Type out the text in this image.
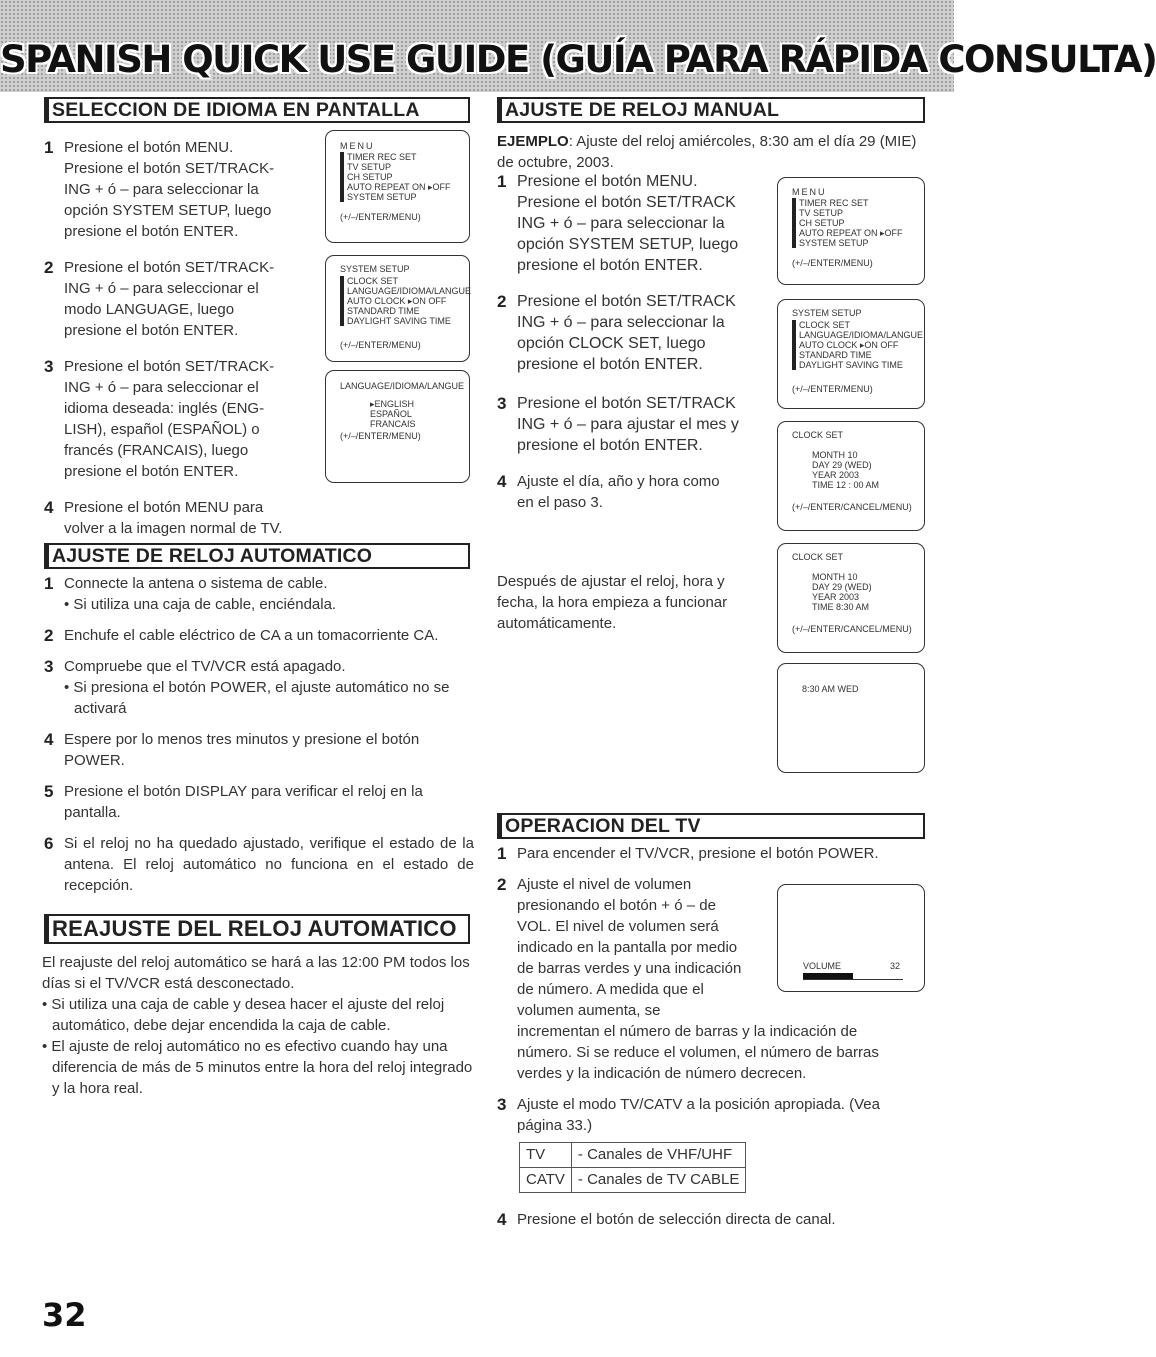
SPANISH QUICK USE GUIDE (GUÍA PARA RÁPIDA CONSULTA)
SELECCION DE IDIOMA EN PANTALLA
1 Presione el botón MENU.
Presione el botón SET/TRACK-
ING + ó – para seleccionar la
opción SYSTEM SETUP, luego
presione el botón ENTER.
2 Presione el botón SET/TRACK-
ING + ó – para seleccionar el
modo LANGUAGE, luego
presione el botón ENTER.
3 Presione el botón SET/TRACK-
ING + ó – para seleccionar el
idioma deseada: inglés (ENG-
LISH), español (ESPAÑOL) o
francés (FRANCAIS), luego
presione el botón ENTER.
4 Presione el botón MENU para
volver a la imagen normal de TV.
AJUSTE DE RELOJ AUTOMATICO
1 Connecte la antena o sistema de cable.
• Si utiliza una caja de cable, enciéndala.
2 Enchufe el cable eléctrico de CA a un tomacorriente CA.
3 Compruebe que el TV/VCR está apagado.
• Si presiona el botón POWER, el ajuste automático no se activará
4 Espere por lo menos tres minutos y presione el botón POWER.
5 Presione el botón DISPLAY para verificar el reloj en la pantalla.
6 Si el reloj no ha quedado ajustado, verifique el estado de la antena. El reloj automático no funciona en el estado de recepción.
REAJUSTE DEL RELOJ AUTOMATICO
El reajuste del reloj automático se hará a las 12:00 PM todos los días si el TV/VCR está desconectado.
• Si utiliza una caja de cable y desea hacer el ajuste del reloj automático, debe dejar encendida la caja de cable.
• El ajuste de reloj automático no es efectivo cuando hay una diferencia de más de 5 minutos entre la hora del reloj integrado y la hora real.
MENU
TIMER REC SET
TV SETUP
CH SETUP
AUTO REPEAT ON ▸OFF
SYSTEM SETUP
(+/–/ENTER/MENU)
SYSTEM SETUP
CLOCK SET
LANGUAGE/IDIOMA/LANGUE
AUTO CLOCK ▸ON OFF
STANDARD TIME
DAYLIGHT SAVING TIME
(+/–/ENTER/MENU)
LANGUAGE/IDIOMA/LANGUE
▸ENGLISH
ESPAÑOL
FRANCAIS
(+/–/ENTER/MENU)
AJUSTE DE RELOJ MANUAL
EJEMPLO: Ajuste del reloj amiércoles, 8:30 am el día 29 (MIE) de octubre, 2003.
1 Presione el botón MENU.
Presione el botón SET/TRACK
ING + ó – para seleccionar la
opción SYSTEM SETUP, luego
presione el botón ENTER.
2 Presione el botón SET/TRACK
ING + ó – para seleccionar la
opción CLOCK SET, luego
presione el botón ENTER.
3 Presione el botón SET/TRACK
ING + ó – para ajustar el mes y
presione el botón ENTER.
4 Ajuste el día, año y hora como
en el paso 3.
Después de ajustar el reloj, hora y
fecha, la hora empieza a funcionar
automáticamente.
OPERACION DEL TV
1 Para encender el TV/VCR, presione el botón POWER.
2 Ajuste el nivel de volumen
presionando el botón + ó – de
VOL. El nivel de volumen será
indicado en la pantalla por medio
de barras verdes y una indicación
de número. A medida que el
volumen aumenta, se
incrementan el número de barras y la indicación de
número. Si se reduce el volumen, el número de barras
verdes y la indicación de número decrecen.
3 Ajuste el modo TV/CATV a la posición apropiada. (Vea
página 33.)
TV	- Canales de VHF/UHF
CATV	- Canales de TV CABLE
4 Presione el botón de selección directa de canal.
MENU
TIMER REC SET
TV SETUP
CH SETUP
AUTO REPEAT ON ▸OFF
SYSTEM SETUP
(+/–/ENTER/MENU)
SYSTEM SETUP
CLOCK SET
LANGUAGE/IDIOMA/LANGUE
AUTO CLOCK ▸ON OFF
STANDARD TIME
DAYLIGHT SAVING TIME
(+/–/ENTER/MENU)
CLOCK SET
MONTH 10
DAY 29 (WED)
YEAR 2003
TIME 12 : 00 AM
(+/–/ENTER/CANCEL/MENU)
CLOCK SET
MONTH 10
DAY 29 (WED)
YEAR 2003
TIME 8:30 AM
(+/–/ENTER/CANCEL/MENU)
8:30 AM WED
VOLUME	32
32
